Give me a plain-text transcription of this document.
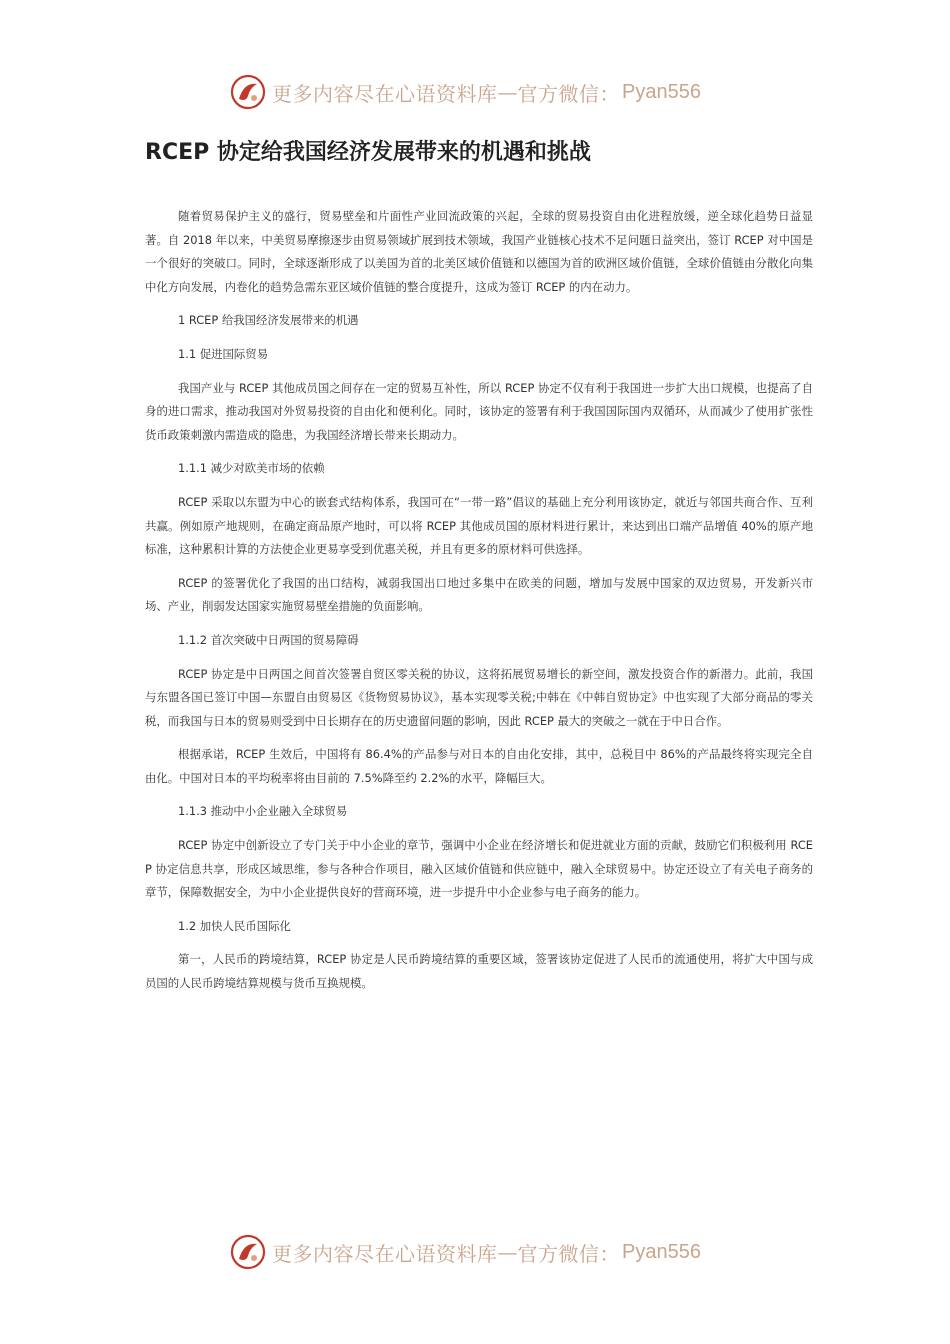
更多内容尽在心语资料库 — 官方微信： Pyan556
RCEP 协定给我国经济发展带来的机遇和挑战

随着贸易保护主义的盛行，贸易壁垒和片面性产业回流政策的兴起，全球的贸易投资自由化进程放缓，逆全球化趋势日益显著。自 2018 年以来，中美贸易摩擦逐步由贸易领域扩展到技术领域，我国产业链核心技术不足问题日益突出，签订 RCEP 对中国是一个很好的突破口。同时，全球逐渐形成了以美国为首的北美区域价值链和以德国为首的欧洲区域价值链，全球价值链由分散化向集中化方向发展，内卷化的趋势急需东亚区域价值链的整合度提升，这成为签订 RCEP 的内在动力。

1 RCEP 给我国经济发展带来的机遇

1.1 促进国际贸易

我国产业与 RCEP 其他成员国之间存在一定的贸易互补性，所以 RCEP 协定不仅有利于我国进一步扩大出口规模，也提高了自身的进口需求，推动我国对外贸易投资的自由化和便利化。同时，该协定的签署有利于我国国际国内双循环，从而减少了使用扩张性货币政策刺激内需造成的隐患，为我国经济增长带来长期动力。

1.1.1 减少对欧美市场的依赖

RCEP 采取以东盟为中心的嵌套式结构体系，我国可在“一带一路”倡议的基础上充分利用该协定，就近与邻国共商合作、互利共赢。例如原产地规则，在确定商品原产地时，可以将 RCEP 其他成员国的原材料进行累计，来达到出口端产品增值 40%的原产地标准，这种累积计算的方法使企业更易享受到优惠关税，并且有更多的原材料可供选择。

RCEP 的签署优化了我国的出口结构，减弱我国出口地过多集中在欧美的问题，增加与发展中国家的双边贸易，开发新兴市场、产业，削弱发达国家实施贸易壁垒措施的负面影响。

1.1.2 首次突破中日两国的贸易障碍

RCEP 协定是中日两国之间首次签署自贸区零关税的协议，这将拓展贸易增长的新空间，激发投资合作的新潜力。此前，我国与东盟各国已签订中国—东盟自由贸易区《货物贸易协议》，基本实现零关税;中韩在《中韩自贸协定》中也实现了大部分商品的零关税，而我国与日本的贸易则受到中日长期存在的历史遗留问题的影响，因此 RCEP 最大的突破之一就在于中日合作。

根据承诺，RCEP 生效后，中国将有 86.4%的产品参与对日本的自由化安排，其中，总税目中 86%的产品最终将实现完全自由化。中国对日本的平均税率将由目前的 7.5%降至约 2.2%的水平，降幅巨大。

1.1.3 推动中小企业融入全球贸易

RCEP 协定中创新设立了专门关于中小企业的章节，强调中小企业在经济增长和促进就业方面的贡献，鼓励它们积极利用 RCEP 协定信息共享，形成区域思维，参与各种合作项目，融入区域价值链和供应链中，融入全球贸易中。协定还设立了有关电子商务的章节，保障数据安全，为中小企业提供良好的营商环境，进一步提升中小企业参与电子商务的能力。

1.2 加快人民币国际化

第一，人民币的跨境结算，RCEP 协定是人民币跨境结算的重要区域，签署该协定促进了人民币的流通使用，将扩大中国与成员国的人民币跨境结算规模与货币互换规模。

更多内容尽在心语资料库 — 官方微信： Pyan556
